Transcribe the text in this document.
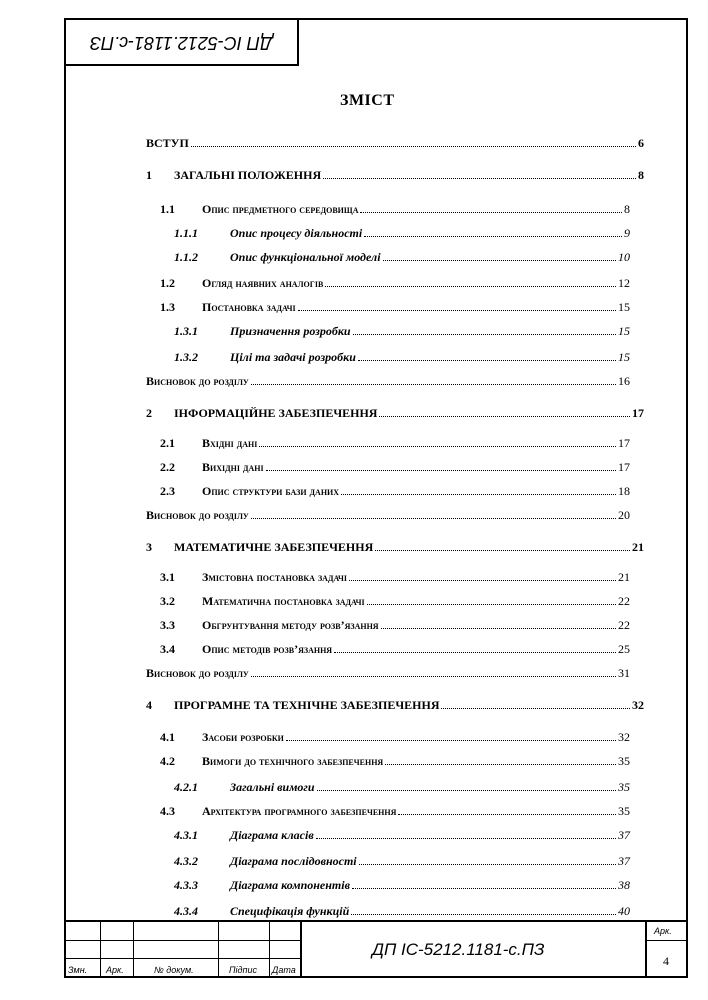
ДП ІС-5212.1181-с.ПЗ
ЗМІСТ
ВСТУП	6
1	ЗАГАЛЬНІ ПОЛОЖЕННЯ	8
1.1	Опис предметного середовища	8
1.1.1	Опис процесу діяльності	9
1.1.2	Опис функціональної моделі	10
1.2	Огляд наявних аналогів	12
1.3	Постановка задачі	15
1.3.1	Призначення розробки	15
1.3.2	Цілі та задачі розробки	15
Висновок до розділу	16
2	ІНФОРМАЦІЙНЕ ЗАБЕЗПЕЧЕННЯ	17
2.1	Вхідні дані	17
2.2	Вихідні дані	17
2.3	Опис структури бази даних	18
Висновок до розділу	20
3	МАТЕМАТИЧНЕ ЗАБЕЗПЕЧЕННЯ	21
3.1	Змістовна постановка задачі	21
3.2	Математична постановка задачі	22
3.3	Обгрунтування методу розв’язання	22
3.4	Опис методів розв’язання	25
Висновок до розділу	31
4	ПРОГРАМНЕ ТА ТЕХНІЧНЕ ЗАБЕЗПЕЧЕННЯ	32
4.1	Засоби розробки	32
4.2	Вимоги до технічного забезпечення	35
4.2.1	Загальні вимоги	35
4.3	Архітектура програмного забезпечення	35
4.3.1	Діаграма класів	37
4.3.2	Діаграма послідовності	37
4.3.3	Діаграма компонентів	38
4.3.4	Специфікація функцій	40
Змн. Арк.	№ докум.	Підпис Дата
ДП ІС-5212.1181-с.ПЗ
Арк.
4
